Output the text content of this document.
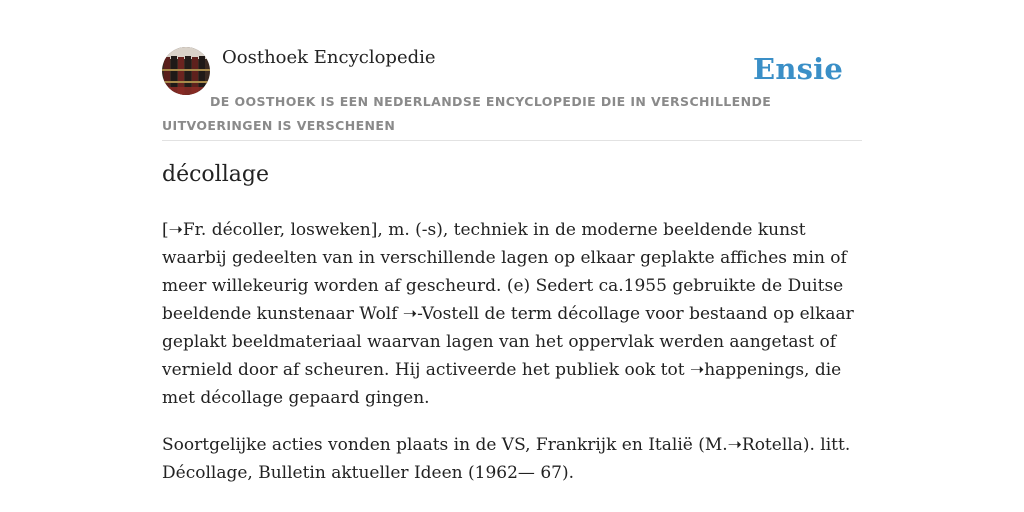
Oosthoek Encyclopedie	Ensie
DE OOSTHOEK IS EEN NEDERLANDSE ENCYCLOPEDIE DIE IN VERSCHILLENDE UITVOERINGEN IS VERSCHENEN
décollage

[➝Fr. décoller, losweken], m. (-s), techniek in de moderne beeldende kunst waarbij gedeelten van in verschillende lagen op elkaar geplakte affiches min of meer willekeurig worden af gescheurd. (e) Sedert ca.1955 gebruikte de Duitse beeldende kunstenaar Wolf ➝-Vostell de term décollage voor bestaand op elkaar geplakt beeldmateriaal waarvan lagen van het oppervlak werden aangetast of vernield door af scheuren. Hij activeerde het publiek ook tot ➝happenings, die met décollage gepaard gingen.

Soortgelijke acties vonden plaats in de VS, Frankrijk en Italië (M.➝Rotella). litt. Décollage, Bulletin aktueller Ideen (1962— 67).
